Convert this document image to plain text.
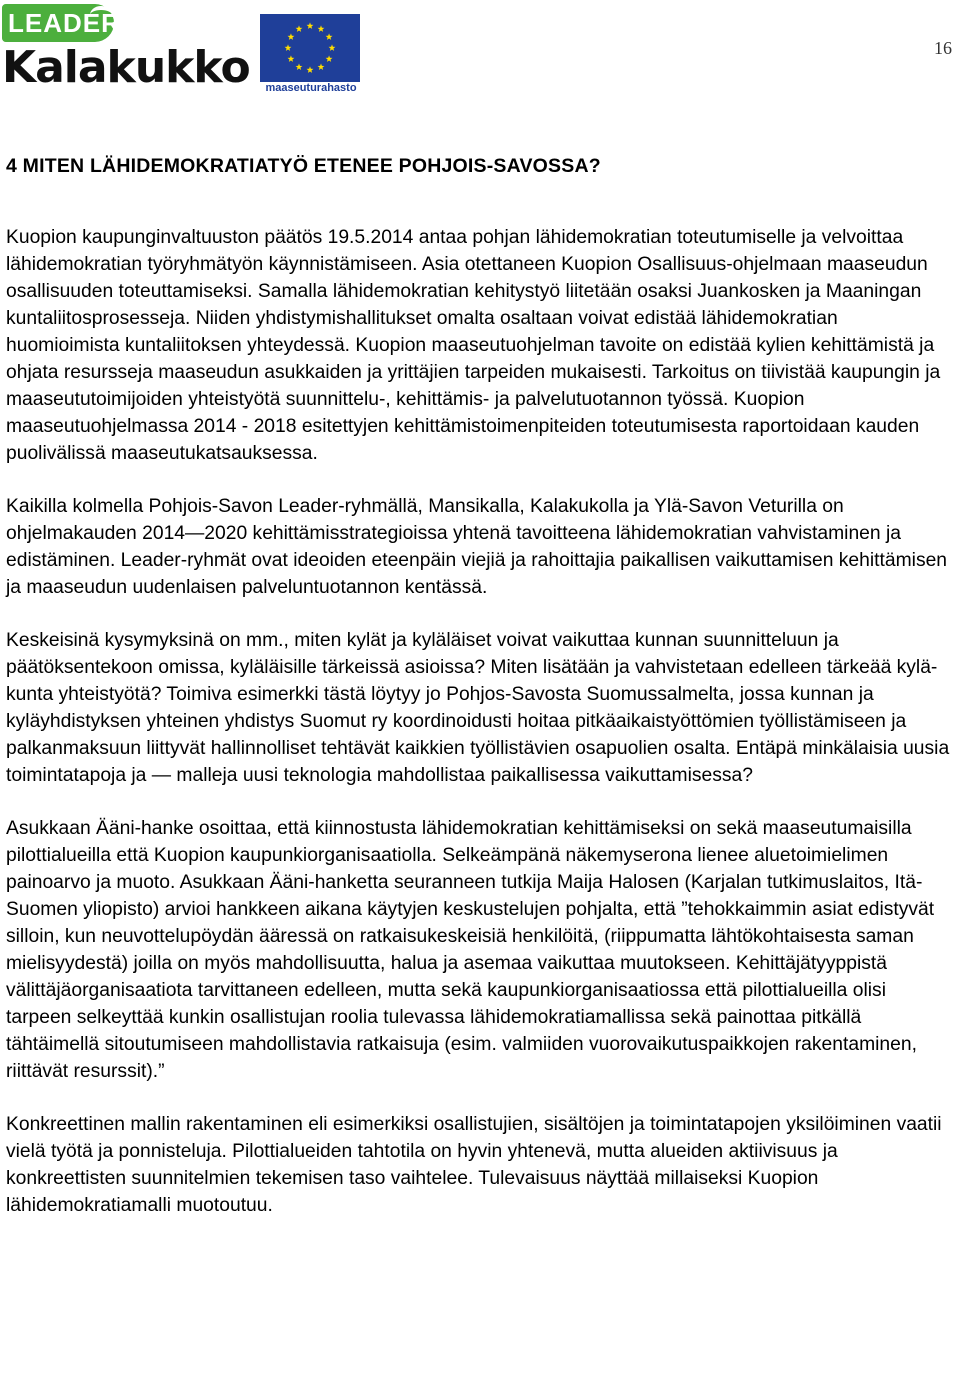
LEADER
Kalakukko	maaseuturahasto
16
4 MITEN LÄHIDEMOKRATIATYÖ ETENEE POHJOIS-SAVOSSA?

Kuopion kaupunginvaltuuston päätös 19.5.2014 antaa pohjan lähidemokratian toteutumiselle ja velvoittaa lähidemokratian työryhmätyön käynnistämiseen. Asia otettaneen Kuopion Osallisuus-ohjelmaan maaseudun osallisuuden toteuttamiseksi. Samalla lähidemokratian kehitystyö liitetään osaksi Juankosken ja Maaningan kuntaliitosprosesseja. Niiden yhdistymishallitukset omalta osaltaan voivat edistää lähidemokratian huomioimista kuntaliitoksen yhteydessä. Kuopion maaseutuohjelman tavoite on edistää kylien kehittämistä ja ohjata resursseja maaseudun asukkaiden ja yrittäjien tarpeiden mukaisesti. Tarkoitus on tiivistää kaupungin ja maaseututoimijoiden yhteistyötä suunnittelu-, kehittämis- ja palvelutuotannon työssä. Kuopion maaseutuohjelmassa 2014 - 2018 esitettyjen kehittämistoimenpiteiden toteutumisesta raportoidaan kauden puolivälissä maaseutukatsauksessa.

Kaikilla kolmella Pohjois-Savon Leader-ryhmällä, Mansikalla, Kalakukolla ja Ylä-Savon Veturilla on ohjelmakauden 2014—2020 kehittämisstrategioissa yhtenä tavoitteena lähidemokratian vahvistaminen ja edistäminen. Leader-ryhmät ovat ideoiden eteenpäin viejiä ja rahoittajia paikallisen vaikuttamisen kehittämisen ja maaseudun uudenlaisen palveluntuotannon kentässä.

Keskeisinä kysymyksinä on mm., miten kylät ja kyläläiset voivat vaikuttaa kunnan suunnitteluun ja päätöksentekoon omissa, kyläläisille tärkeissä asioissa? Miten lisätään ja vahvistetaan edelleen tärkeää kylä-kunta yhteistyötä? Toimiva esimerkki tästä löytyy jo Pohjos-Savosta Suomussalmelta, jossa kunnan ja kyläyhdistyksen yhteinen yhdistys Suomut ry koordinoidusti hoitaa pitkäaikaistyöttömien työllistämiseen ja palkanmaksuun liittyvät hallinnolliset tehtävät kaikkien työllistävien osapuolien osalta. Entäpä minkälaisia uusia toimintatapoja ja — malleja uusi teknologia mahdollistaa paikallisessa vaikuttamisessa?

Asukkaan Ääni-hanke osoittaa, että kiinnostusta lähidemokratian kehittämiseksi on sekä maaseutumaisilla pilottialueilla että Kuopion kaupunkiorganisaatiolla. Selkeämpänä näkemyserona lienee aluetoimielimen painoarvo ja muoto. Asukkaan Ääni-hanketta seuranneen tutkija Maija Halosen (Karjalan tutkimuslaitos, Itä-Suomen yliopisto) arvioi hankkeen aikana käytyjen keskustelujen pohjalta, että ”tehokkaimmin asiat edistyvät silloin, kun neuvottelupöydän ääressä on ratkaisukeskeisiä henkilöitä, (riippumatta lähtökohtaisesta saman mielisyydestä) joilla on myös mahdollisuutta, halua ja asemaa vaikuttaa muutokseen. Kehittäjätyyppistä välittäjäorganisaatiota tarvittaneen edelleen, mutta sekä kaupunkiorganisaatiossa että pilottialueilla olisi tarpeen selkeyttää kunkin osallistujan roolia tulevassa lähidemokratiamallissa sekä painottaa pitkällä tähtäimellä sitoutumiseen mahdollistavia ratkaisuja (esim. valmiiden vuorovaikutuspaikkojen rakentaminen, riittävät resurssit).”

Konkreettinen mallin rakentaminen eli esimerkiksi osallistujien, sisältöjen ja toimintatapojen yksilöiminen vaatii vielä työtä ja ponnisteluja. Pilottialueiden tahtotila on hyvin yhtenevä, mutta alueiden aktiivisuus ja konkreettisten suunnitelmien tekemisen taso vaihtelee. Tulevaisuus näyttää millaiseksi Kuopion lähidemokratiamalli muotoutuu.
